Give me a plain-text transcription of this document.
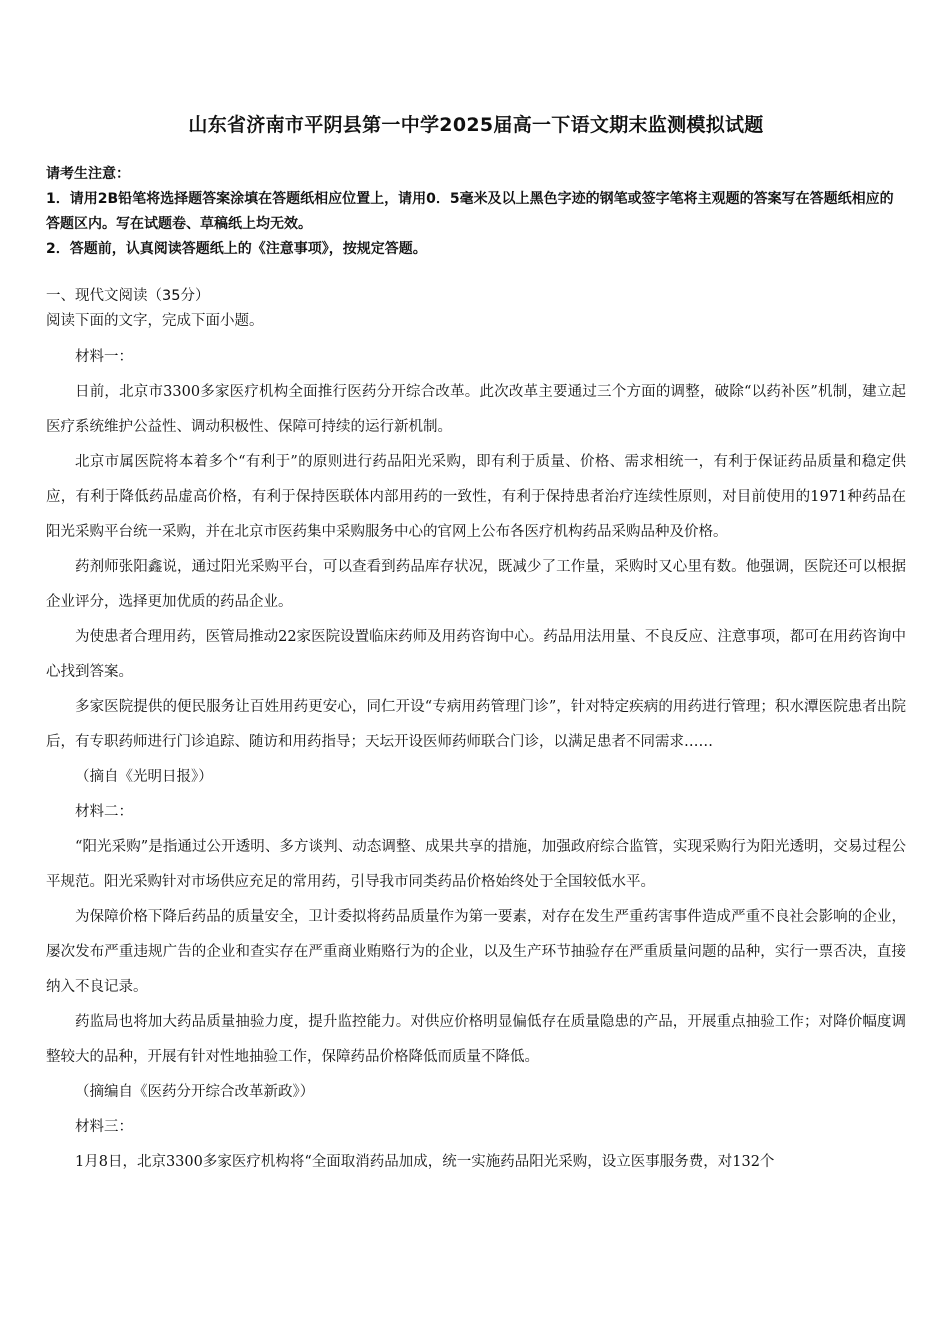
山东省济南市平阴县第一中学2025届高一下语文期末监测模拟试题

请考生注意：

1．请用2B铅笔将选择题答案涂填在答题纸相应位置上，请用0．5毫米及以上黑色字迹的钢笔或签字笔将主观题的答案写在答题纸相应的答题区内。写在试题卷、草稿纸上均无效。

2．答题前，认真阅读答题纸上的《注意事项》，按规定答题。

一、现代文阅读（35分）
阅读下面的文字，完成下面小题。

材料一：

日前，北京市3300多家医疗机构全面推行医药分开综合改革。此次改革主要通过三个方面的调整，破除“以药补医”机制，建立起医疗系统维护公益性、调动积极性、保障可持续的运行新机制。

北京市属医院将本着多个“有利于”的原则进行药品阳光采购，即有利于质量、价格、需求相统一，有利于保证药品质量和稳定供应，有利于降低药品虚高价格，有利于保持医联体内部用药的一致性，有利于保持患者治疗连续性原则，对目前使用的1971种药品在阳光采购平台统一采购，并在北京市医药集中采购服务中心的官网上公布各医疗机构药品采购品种及价格。

药剂师张阳鑫说，通过阳光采购平台，可以查看到药品库存状况，既减少了工作量，采购时又心里有数。他强调，医院还可以根据企业评分，选择更加优质的药品企业。

为使患者合理用药，医管局推动22家医院设置临床药师及用药咨询中心。药品用法用量、不良反应、注意事项，都可在用药咨询中心找到答案。

多家医院提供的便民服务让百姓用药更安心，同仁开设“专病用药管理门诊”，针对特定疾病的用药进行管理；积水潭医院患者出院后，有专职药师进行门诊追踪、随访和用药指导；天坛开设医师药师联合门诊，以满足患者不同需求……

（摘自《光明日报》）

材料二：

“阳光采购”是指通过公开透明、多方谈判、动态调整、成果共享的措施，加强政府综合监管，实现采购行为阳光透明，交易过程公平规范。阳光采购针对市场供应充足的常用药，引导我市同类药品价格始终处于全国较低水平。

为保障价格下降后药品的质量安全，卫计委拟将药品质量作为第一要素，对存在发生严重药害事件造成严重不良社会影响的企业，屡次发布严重违规广告的企业和查实存在严重商业贿赂行为的企业，以及生产环节抽验存在严重质量问题的品种，实行一票否决，直接纳入不良记录。

药监局也将加大药品质量抽验力度，提升监控能力。对供应价格明显偏低存在质量隐患的产品，开展重点抽验工作；对降价幅度调整较大的品种，开展有针对性地抽验工作，保障药品价格降低而质量不降低。

（摘编自《医药分开综合改革新政》）

材料三：

1月8日，北京3300多家医疗机构将“全面取消药品加成，统一实施药品阳光采购，设立医事服务费，对132个
